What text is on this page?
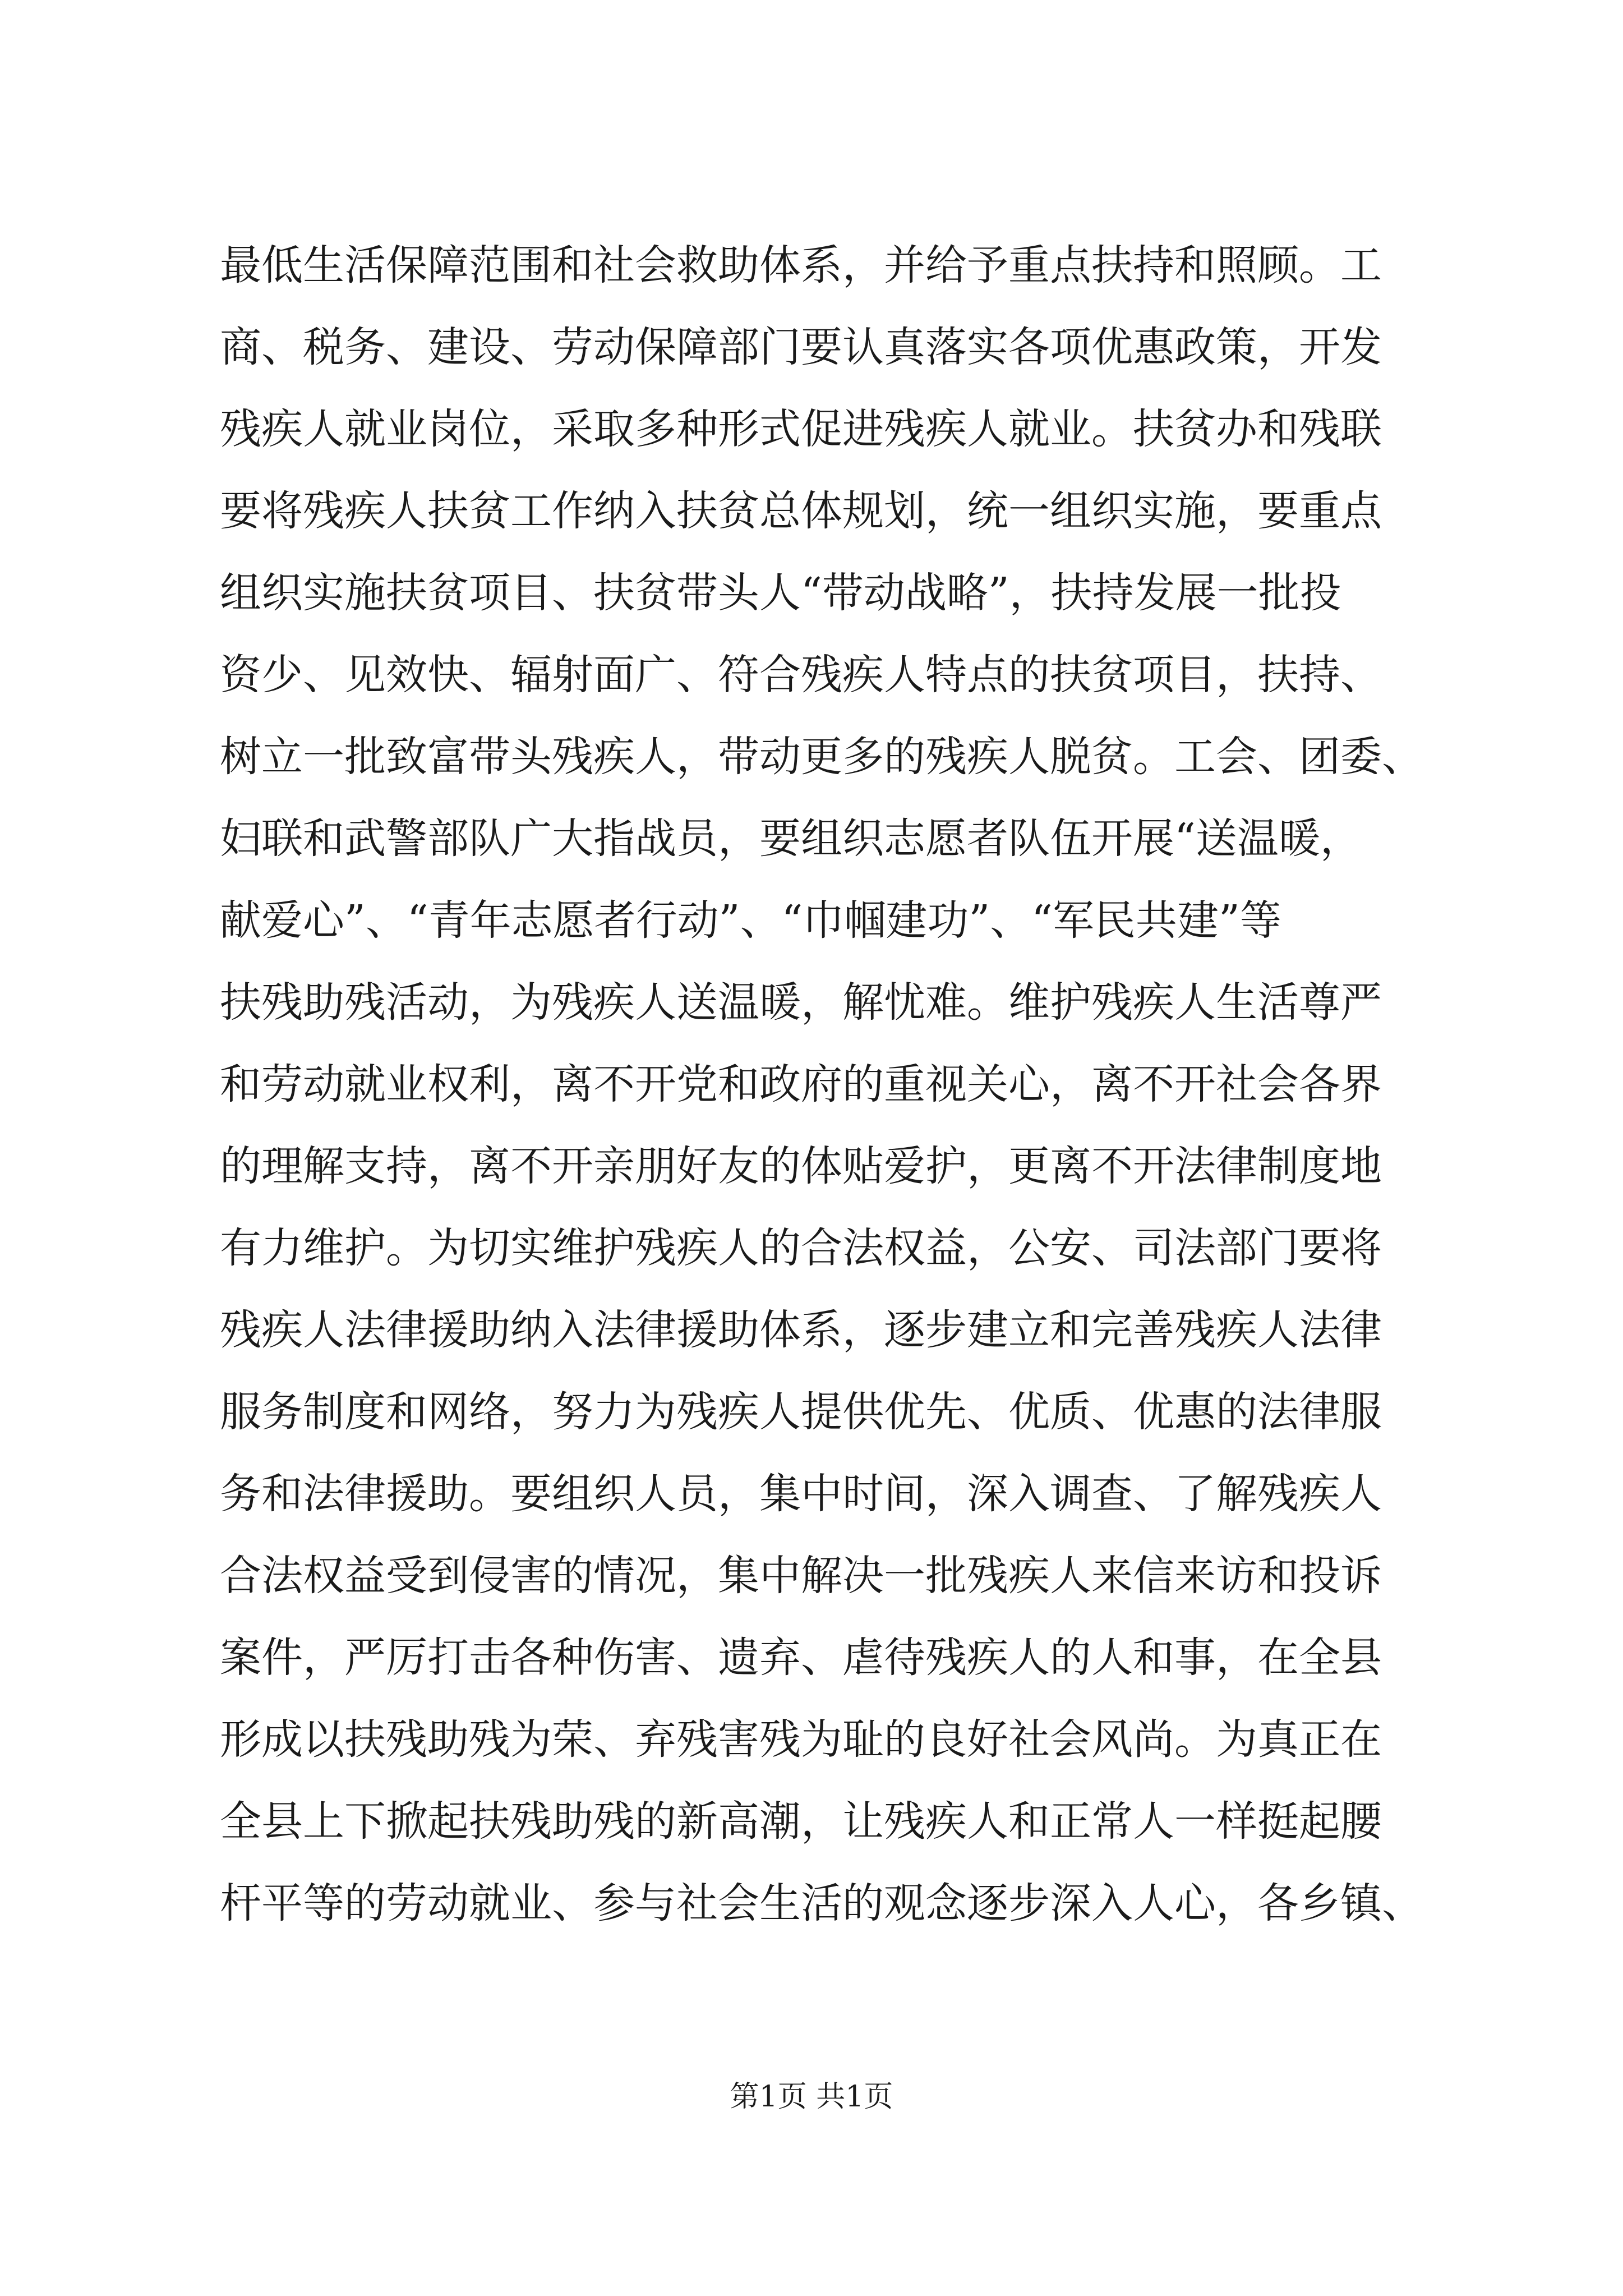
最低生活保障范围和社会救助体系，并给予重点扶持和照顾。工
商、税务、建设、劳动保障部门要认真落实各项优惠政策，开发
残疾人就业岗位，采取多种形式促进残疾人就业。扶贫办和残联
要将残疾人扶贫工作纳入扶贫总体规划，统一组织实施，要重点
组织实施扶贫项目、扶贫带头人“带动战略”，扶持发展一批投
资少、见效快、辐射面广、符合残疾人特点的扶贫项目，扶持、
树立一批致富带头残疾人，带动更多的残疾人脱贫。工会、团委、
妇联和武警部队广大指战员，要组织志愿者队伍开展“送温暖，
献爱心”、“青年志愿者行动”、“巾帼建功”、“军民共建”等
扶残助残活动，为残疾人送温暖，解忧难。维护残疾人生活尊严
和劳动就业权利，离不开党和政府的重视关心，离不开社会各界
的理解支持，离不开亲朋好友的体贴爱护，更离不开法律制度地
有力维护。为切实维护残疾人的合法权益，公安、司法部门要将
残疾人法律援助纳入法律援助体系，逐步建立和完善残疾人法律
服务制度和网络，努力为残疾人提供优先、优质、优惠的法律服
务和法律援助。要组织人员，集中时间，深入调查、了解残疾人
合法权益受到侵害的情况，集中解决一批残疾人来信来访和投诉
案件，严厉打击各种伤害、遗弃、虐待残疾人的人和事，在全县
形成以扶残助残为荣、弃残害残为耻的良好社会风尚。为真正在
全县上下掀起扶残助残的新高潮，让残疾人和正常人一样挺起腰
杆平等的劳动就业、参与社会生活的观念逐步深入人心，各乡镇、
第1页 共1页
